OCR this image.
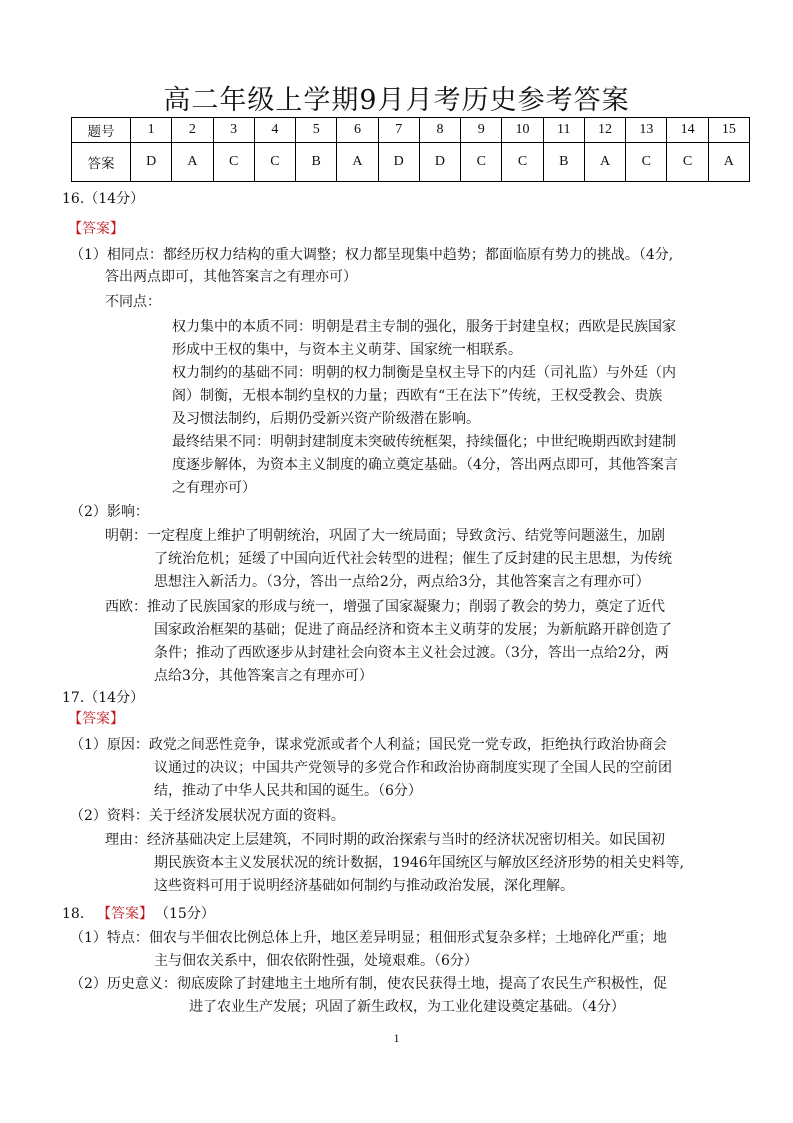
高二年级上学期9月月考历史参考答案
题号	1	2	3	4	5	6	7	8	9	10	11	12	13	14	15
答案	D	A	C	C	B	A	D	D	C	C	B	A	C	C	A
16.（14分）
【答案】
（1）相同点：都经历权力结构的重大调整；权力都呈现集中趋势；都面临原有势力的挑战。（4分,
答出两点即可，其他答案言之有理亦可）
不同点：
权力集中的本质不同：明朝是君主专制的强化，服务于封建皇权；西欧是民族国家
形成中王权的集中，与资本主义萌芽、国家统一相联系。
权力制约的基础不同：明朝的权力制衡是皇权主导下的内廷（司礼监）与外廷（内
阁）制衡，无根本制约皇权的力量；西欧有“王在法下”传统，王权受教会、贵族
及习惯法制约，后期仍受新兴资产阶级潜在影响。
最终结果不同：明朝封建制度未突破传统框架，持续僵化；中世纪晚期西欧封建制
度逐步解体，为资本主义制度的确立奠定基础。（4分，答出两点即可，其他答案言
之有理亦可）
（2）影响：
明朝：一定程度上维护了明朝统治，巩固了大一统局面；导致贪污、结党等问题滋生，加剧
了统治危机；延缓了中国向近代社会转型的进程；催生了反封建的民主思想，为传统
思想注入新活力。（3分，答出一点给2分，两点给3分，其他答案言之有理亦可）
西欧：推动了民族国家的形成与统一，增强了国家凝聚力；削弱了教会的势力，奠定了近代
国家政治框架的基础；促进了商品经济和资本主义萌芽的发展；为新航路开辟创造了
条件；推动了西欧逐步从封建社会向资本主义社会过渡。（3分，答出一点给2分，两
点给3分，其他答案言之有理亦可）
17.（14分）
【答案】
（1）原因：政党之间恶性竞争，谋求党派或者个人利益；国民党一党专政，拒绝执行政治协商会
议通过的决议；中国共产党领导的多党合作和政治协商制度实现了全国人民的空前团
结，推动了中华人民共和国的诞生。（6分）
（2）资料：关于经济发展状况方面的资料。
理由：经济基础决定上层建筑，不同时期的政治探索与当时的经济状况密切相关。如民国初
期民族资本主义发展状况的统计数据，1946年国统区与解放区经济形势的相关史料等,
这些资料可用于说明经济基础如何制约与推动政治发展，深化理解。
18. 【答案】 （15分）
（1）特点：佃农与半佃农比例总体上升，地区差异明显；租佃形式复杂多样；土地碎化严重；地
主与佃农关系中，佃农依附性强，处境艰难。（6分）
（2）历史意义：彻底废除了封建地主土地所有制，使农民获得土地，提高了农民生产积极性，促
进了农业生产发展；巩固了新生政权，为工业化建设奠定基础。（4分）
1
